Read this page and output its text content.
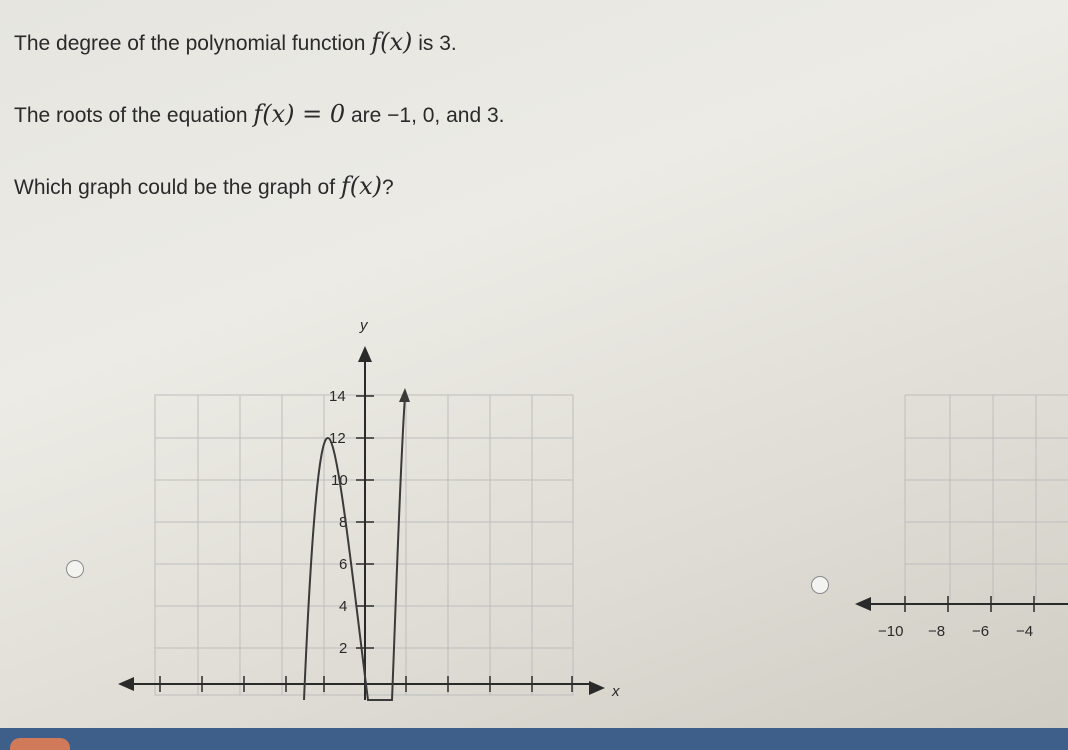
The degree of the polynomial function f(x) is 3.
The roots of the equation f(x) = 0 are −1, 0, and 3.
Which graph could be the graph of f(x)?
y
14
12
10
8
6
4
2
x
−10 −8 −6 −4
